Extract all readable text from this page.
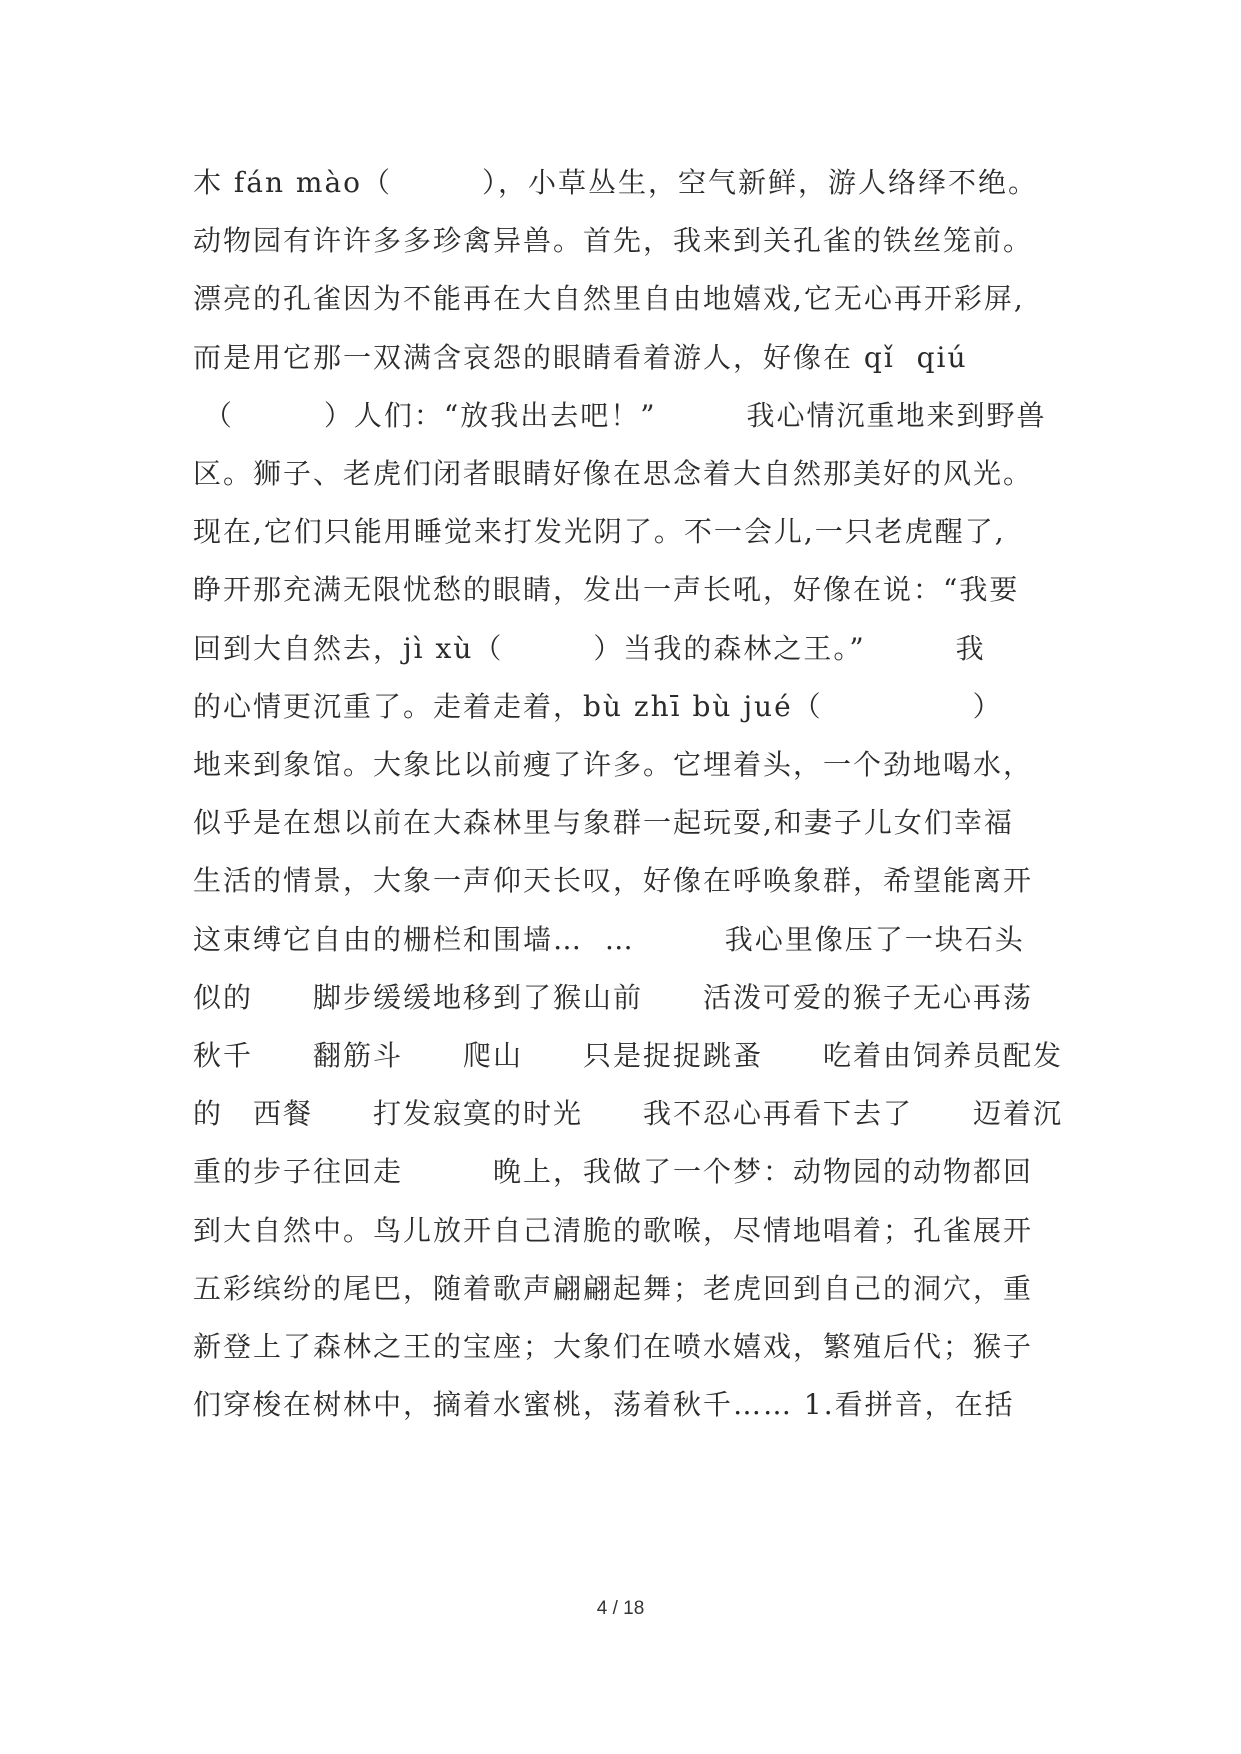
木 fán mào（　　　），小草丛生，空气新鲜，游人络绎不绝。
动物园有许许多多珍禽异兽。首先，我来到关孔雀的铁丝笼前。
漂亮的孔雀因为不能再在大自然里自由地嬉戏,它无心再开彩屏,
而是用它那一双满含哀怨的眼睛看着游人，好像在 qǐ  qiú
（　　　）人们：“放我出去吧！”　　　我心情沉重地来到野兽
区。狮子、老虎们闭者眼睛好像在思念着大自然那美好的风光。
现在,它们只能用睡觉来打发光阴了。不一会儿,一只老虎醒了,
睁开那充满无限忧愁的眼睛，发出一声长吼，好像在说：“我要
回到大自然去，jì xù（　　　）当我的森林之王。”　　　我
的心情更沉重了。走着走着，bù zhī bù jué（　　　　　）
地来到象馆。大象比以前瘦了许多。它埋着头，一个劲地喝水，
似乎是在想以前在大森林里与象群一起玩耍,和妻子儿女们幸福
生活的情景，大象一声仰天长叹，好像在呼唤象群，希望能离开
这束缚它自由的栅栏和围墙…  …　　　我心里像压了一块石头
似的　　脚步缓缓地移到了猴山前　　活泼可爱的猴子无心再荡
秋千　　翻筋斗　　爬山　　只是捉捉跳蚤　　吃着由饲养员配发
的　西餐　　打发寂寞的时光　　我不忍心再看下去了　　迈着沉
重的步子往回走　　　晚上，我做了一个梦：动物园的动物都回
到大自然中。鸟儿放开自己清脆的歌喉，尽情地唱着；孔雀展开
五彩缤纷的尾巴，随着歌声翩翩起舞；老虎回到自己的洞穴，重
新登上了森林之王的宝座；大象们在喷水嬉戏，繁殖后代；猴子
们穿梭在树林中，摘着水蜜桃，荡着秋千…… 1.看拼音，在括
4 / 18
